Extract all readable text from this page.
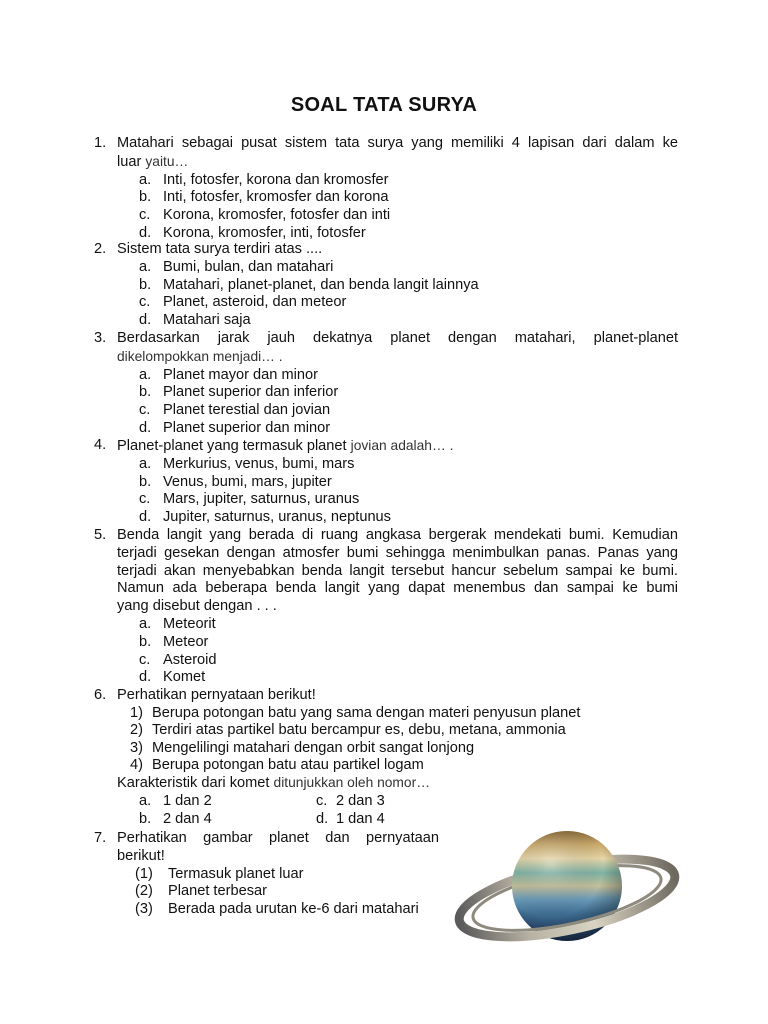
SOAL TATA SURYA
1. Matahari sebagai pusat sistem tata surya yang memiliki 4 lapisan dari dalam ke
luar yaitu…
a. Inti, fotosfer, korona dan kromosfer
b. Inti, fotosfer, kromosfer dan korona
c. Korona, kromosfer, fotosfer dan inti
d. Korona, kromosfer, inti, fotosfer
2. Sistem tata surya terdiri atas ....
a. Bumi, bulan, dan matahari
b. Matahari, planet-planet, dan benda langit lainnya
c. Planet, asteroid, dan meteor
d. Matahari saja
3. Berdasarkan jarak jauh dekatnya planet dengan matahari, planet-planet
dikelompokkan menjadi… .
a. Planet mayor dan minor
b. Planet superior dan inferior
c. Planet terestial dan jovian
d. Planet superior dan minor
4. Planet-planet yang termasuk planet jovian adalah… .
a. Merkurius, venus, bumi, mars
b. Venus, bumi, mars, jupiter
c. Mars, jupiter, saturnus, uranus
d. Jupiter, saturnus, uranus, neptunus
5. Benda langit yang berada di ruang angkasa bergerak mendekati bumi. Kemudian
terjadi gesekan dengan atmosfer bumi sehingga menimbulkan panas. Panas yang
terjadi akan menyebabkan benda langit tersebut hancur sebelum sampai ke bumi.
Namun ada beberapa benda langit yang dapat menembus dan sampai ke bumi
yang disebut dengan . . .
a. Meteorit
b. Meteor
c. Asteroid
d. Komet
6. Perhatikan pernyataan berikut!
1) Berupa potongan batu yang sama dengan materi penyusun planet
2) Terdiri atas partikel batu bercampur es, debu, metana, ammonia
3) Mengelilingi matahari dengan orbit sangat lonjong
4) Berupa potongan batu atau partikel logam
Karakteristik dari komet ditunjukkan oleh nomor…
a. 1 dan 2	c. 2 dan 3
b. 2 dan 4	d. 1 dan 4
7. Perhatikan gambar planet dan pernyataan
berikut!
(1) Termasuk planet luar
(2) Planet terbesar
(3) Berada pada urutan ke-6 dari matahari
